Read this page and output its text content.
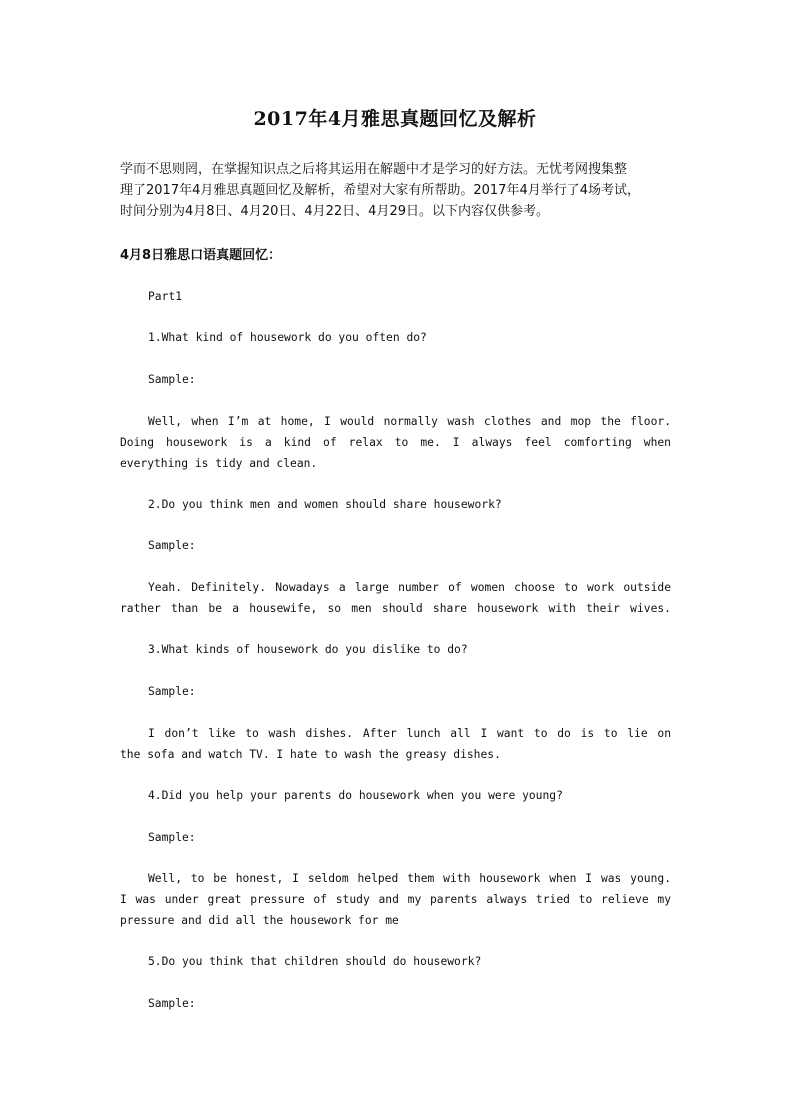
2017年4月雅思真题回忆及解析
学而不思则罔，在掌握知识点之后将其运用在解题中才是学习的好方法。无忧考网搜集整
理了2017年4月雅思真题回忆及解析，希望对大家有所帮助。2017年4月举行了4场考试，
时间分别为4月8日、4月20日、4月22日、4月29日。以下内容仅供参考。
4月8日雅思口语真题回忆：
Part1
1.What kind of housework do you often do?
Sample:
Well, when I’m at home, I would normally wash clothes and mop the floor.
Doing housework is a kind of relax to me. I always feel comforting when
everything is tidy and clean.
2.Do you think men and women should share housework?
Sample:
Yeah. Definitely. Nowadays a large number of women choose to work outside
rather than be a housewife, so men should share housework with their wives.
3.What kinds of housework do you dislike to do?
Sample:
I don’t like to wash dishes. After lunch all I want to do is to lie on
the sofa and watch TV. I hate to wash the greasy dishes.
4.Did you help your parents do housework when you were young?
Sample:
Well, to be honest, I seldom helped them with housework when I was young.
I was under great pressure of study and my parents always tried to relieve my
pressure and did all the housework for me
5.Do you think that children should do housework?
Sample:
